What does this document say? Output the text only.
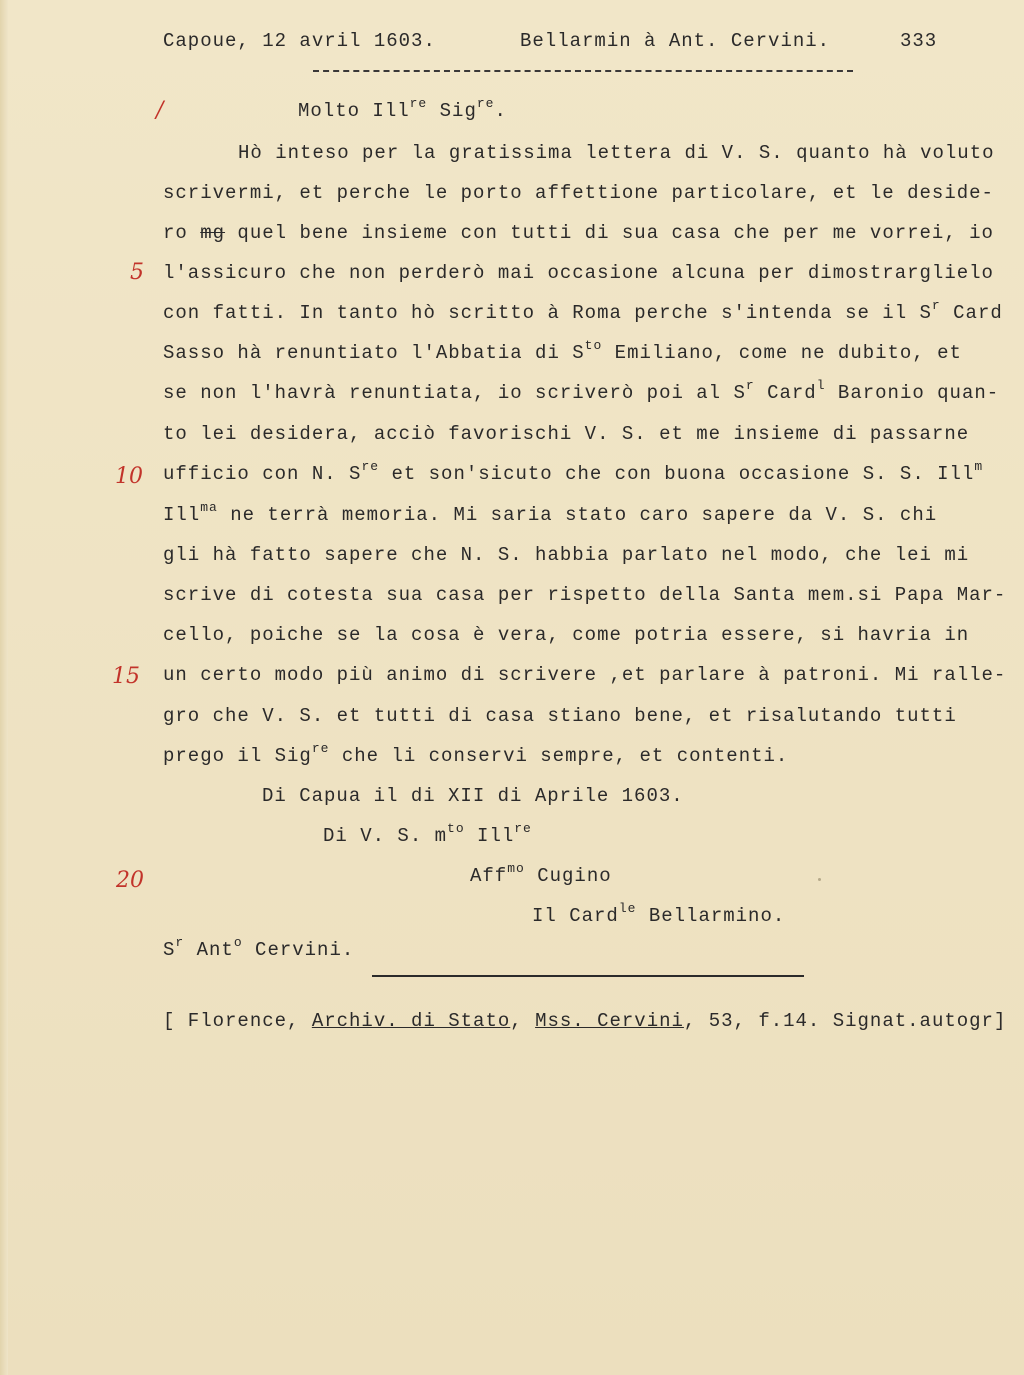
Capoue, 12 avril 1603.	Bellarmin à Ant. Cervini.	333
/
5
10
15
20
Molto Ill$^{re}$ Sig$^{re}$.
Hò inteso per la gratissima lettera di V. S. quanto hà voluto
scrivermi, et perche le porto affettione particolare, et le deside-
ro mg quel bene insieme con tutti di sua casa che per me vorrei, io
l'assicuro che non perderò mai occasione alcuna per dimostrarglielo
con fatti. In tanto hò scritto à Roma perche s'intenda se il $S^r$ Card
Sasso hà renuntiato l'Abbatia di $S^{to}$ Emiliano, come ne dubito, et
se non l'havrà renuntiata, io scriverò poi al $S^r$ Card$^l$ Baronio quan-
to lei desidera, acciò favorischi V. S. et me insieme di passarne
ufficio con N. $S^{re}$ et son'sicuto che con buona occasione S. S. Ill$^m$
Ill$^{ma}$ ne terrà memoria. Mi saria stato caro sapere da V. S. chi
gli hà fatto sapere che N. S. habbia parlato nel modo, che lei mi
scrive di cotesta sua casa per rispetto della Santa mem.si Papa Mar-
cello, poiche se la cosa è vera, come potria essere, si havria in
un certo modo più animo di scrivere ,et parlare à patroni. Mi ralle-
gro che V. S. et tutti di casa stiano bene, et risalutando tutti
prego il Sig$^{re}$ che li conservi sempre, et contenti.
Di Capua il di XII di Aprile 1603.
Di V. S. $m^{to}$ Ill$^{re}$
Aff$^{mo}$ Cugino
Il Card$^{le}$ Bellarmino.
$S^r$ Ant$^o$ Cervini.
[ Florence, Archiv. di Stato, Mss. Cervini, 53, f.14. Signat.autogr]
